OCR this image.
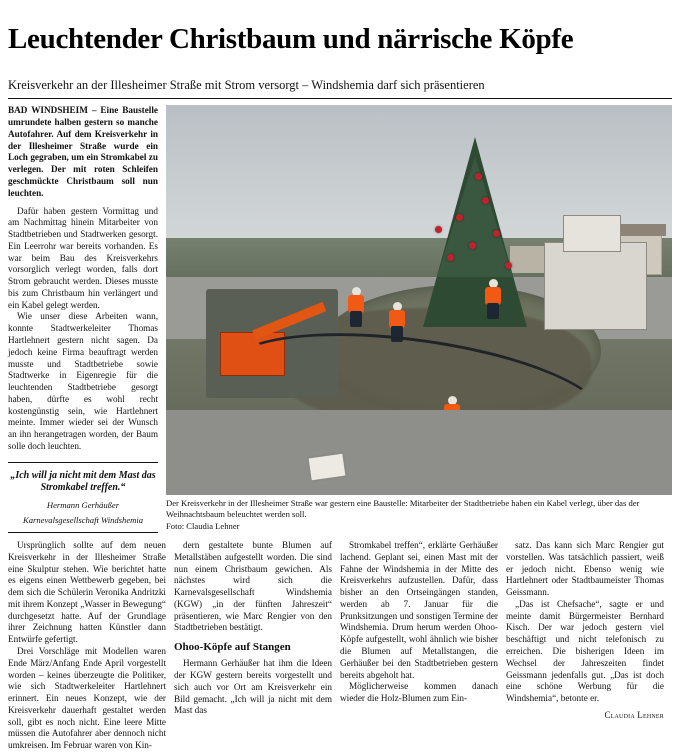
Leuchtender Christbaum und närrische Köpfe
Kreisverkehr an der Illesheimer Straße mit Strom versorgt – Windshemia darf sich präsentieren

BAD WINDSHEIM – Eine Baustelle umrundete halben gestern so manche Autofahrer. Auf dem Kreisverkehr in der Illesheimer Straße wurde ein Loch gegraben, um ein Stromkabel zu verlegen. Der mit roten Schleifen geschmückte Christbaum soll nun leuchten.

Dafür haben gestern Vormittag und am Nachmittag hinein Mitarbeiter von Stadtbetrieben und Stadtwerken gesorgt. Ein Leerrohr war bereits vorhanden. Es war beim Bau des Kreisverkehrs vorsorglich verlegt worden, falls dort Strom gebraucht werden. Dieses musste bis zum Christbaum hin verlängert und ein Kabel gelegt werden.

Wie unser diese Arbeiten wann, konnte Stadtwerkeleiter Thomas Hartlehnert gestern nicht sagen. Da jedoch keine Firma beauftragt werden musste und Stadtbetriebe sowie Stadtwerke in Eigenregie für die leuchtenden Stadtbetriebe gesorgt haben, dürfte es wohl recht kostengünstig sein, wie Hartlehnert meinte. Immer wieder sei der Wunsch an ihn herangetragen worden, der Baum solle doch leuchten.

„Ich will ja nicht mit dem Mast das Stromkabel treffen.“
Hermann Gerhäußer
Karnevalsgesellschaft Windshemia
Der Kreisverkehr in der Illesheimer Straße war gestern eine Baustelle: Mitarbeiter der Stadtbetriebe haben ein Kabel verlegt, über das der Weihnachtsbaum beleuchtet werden soll.
Foto: Claudia Lehner

Ursprünglich sollte auf dem neuen Kreisverkehr in der Illesheimer Straße eine Skulptur stehen. Wie berichtet hatte es eigens einen Wettbewerb gegeben, bei dem sich die Schülerin Veronika Andritzki mit ihrem Konzept „Wasser in Bewegung“ durchgesetzt hatte. Auf der Grundlage ihrer Zeichnung hatten Künstler dann Entwürfe gefertigt.

Drei Vorschläge mit Modellen waren Ende März/Anfang Ende April vorgestellt worden – keines überzeugte die Politiker, wie sich Stadtwerkeleiter Hartlehnert erinnert. Ein neues Konzept, wie der Kreisverkehr dauerhaft gestaltet werden soll, gibt es noch nicht. Eine leere Mitte müssen die Autofahrer aber dennoch nicht umkreisen. Im Februar waren von Kin-

dern gestaltete bunte Blumen auf Metallstäben aufgestellt worden. Die sind nun einem Christbaum gewichen. Als nächstes wird sich die Karnevalsgesellschaft Windshemia (KGW) „in der fünften Jahreszeit“ präsentieren, wie Marc Rengier von den Stadtbetrieben bestätigt.

Ohoo-Köpfe auf Stangen

Hermann Gerhäußer hat ihm die Ideen der KGW gestern bereits vorgestellt und sich auch vor Ort am Kreisverkehr ein Bild gemacht. „Ich will ja nicht mit dem Mast das

Stromkabel treffen“, erklärte Gerhäußer lachend. Geplant sei, einen Mast mit der Fahne der Windshemia in der Mitte des Kreisverkehrs aufzustellen. Dafür, dass bisher an den Ortseingängen standen, werden ab 7. Januar für die Prunksitzungen und sonstigen Termine der Windshemia. Drum herum werden Ohoo-Köpfe aufgestellt, wohl ähnlich wie bisher die Blumen auf Metallstangen, die Gerhäußer bei den Stadtbetrieben gestern bereits abgeholt hat.

Möglicherweise kommen danach wieder die Holz-Blumen zum Ein-

satz. Das kann sich Marc Rengier gut vorstellen. Was tatsächlich passiert, weiß er jedoch nicht. Ebenso wenig wie Hartlehnert oder Stadtbaumeister Thomas Geissmann.

„Das ist Chefsache“, sagte er und meinte damit Bürgermeister Bernhard Kisch. Der war jedoch gestern viel beschäftigt und nicht telefonisch zu erreichen. Die bisherigen Ideen im Wechsel der Jahreszeiten findet Geissmann jedenfalls gut. „Das ist doch eine schöne Werbung für die Windshemia“, betonte er.

Claudia Lehner
